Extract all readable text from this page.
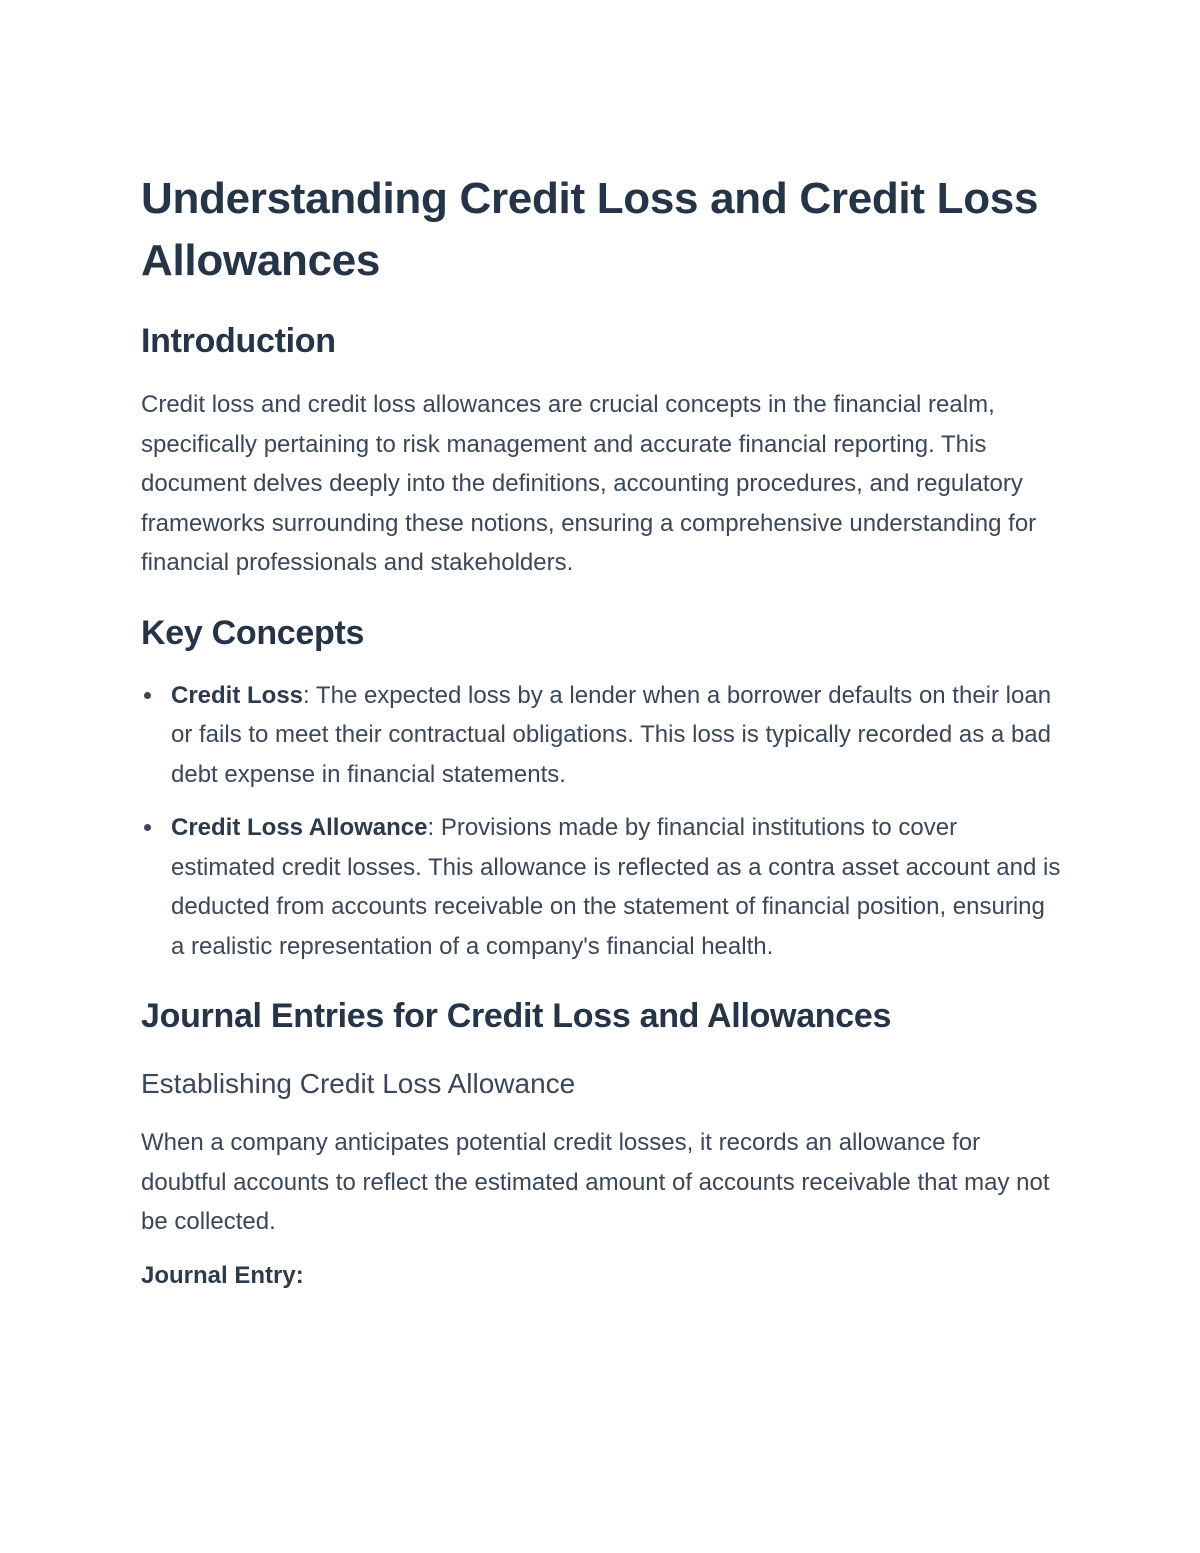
Understanding Credit Loss and Credit Loss Allowances
Introduction

Credit loss and credit loss allowances are crucial concepts in the financial realm, specifically pertaining to risk management and accurate financial reporting. This document delves deeply into the definitions, accounting procedures, and regulatory frameworks surrounding these notions, ensuring a comprehensive understanding for financial professionals and stakeholders.

Key Concepts
Credit Loss: The expected loss by a lender when a borrower defaults on their loan or fails to meet their contractual obligations. This loss is typically recorded as a bad debt expense in financial statements.
Credit Loss Allowance: Provisions made by financial institutions to cover estimated credit losses. This allowance is reflected as a contra asset account and is deducted from accounts receivable on the statement of financial position, ensuring a realistic representation of a company's financial health.
Journal Entries for Credit Loss and Allowances
Establishing Credit Loss Allowance

When a company anticipates potential credit losses, it records an allowance for doubtful accounts to reflect the estimated amount of accounts receivable that may not be collected.

Journal Entry:
